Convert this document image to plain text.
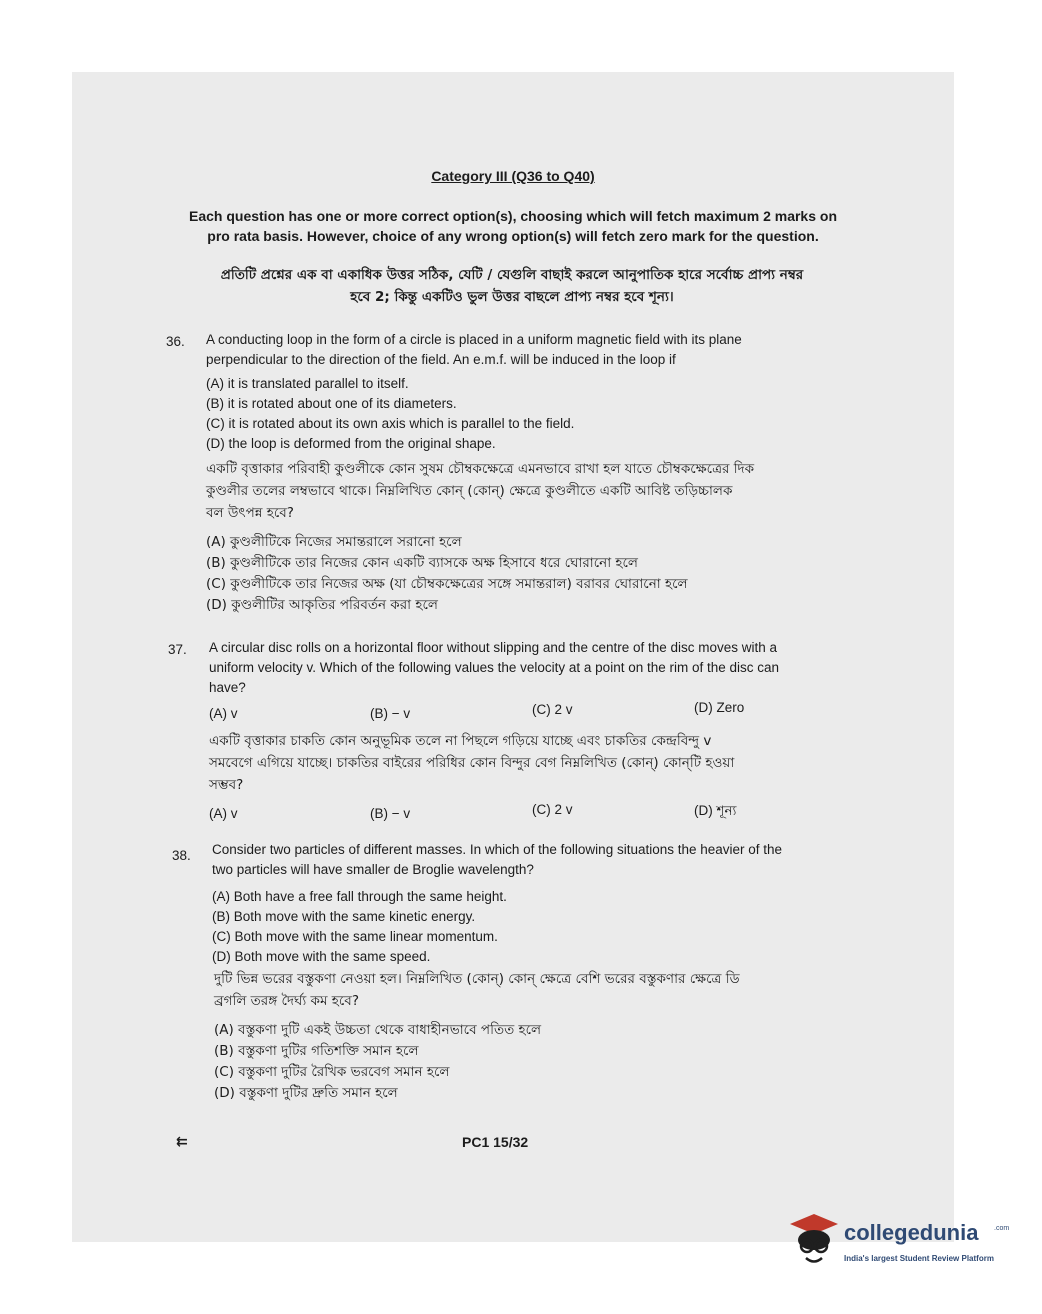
Category III (Q36 to Q40)
Each question has one or more correct option(s), choosing which will fetch maximum 2 marks on
pro rata basis. However, choice of any wrong option(s) will fetch zero mark for the question.
প্রতিটি প্রশ্নের এক বা একাধিক উত্তর সঠিক, যেটি / যেগুলি বাছাই করলে আনুপাতিক হারে সর্বোচ্চ প্রাপ্য নম্বর
হবে 2; কিন্তু একটিও ভুল উত্তর বাছলে প্রাপ্য নম্বর হবে শূন্য।
36. A conducting loop in the form of a circle is placed in a uniform magnetic field with its plane
perpendicular to the direction of the field. An e.m.f. will be induced in the loop if
(A) it is translated parallel to itself.
(B) it is rotated about one of its diameters.
(C) it is rotated about its own axis which is parallel to the field.
(D) the loop is deformed from the original shape.
একটি বৃত্তাকার পরিবাহী কুণ্ডলীকে কোন সুষম চৌম্বকক্ষেত্রে এমনভাবে রাখা হল যাতে চৌম্বকক্ষেত্রের দিক
কুণ্ডলীর তলের লম্বভাবে থাকে। নিম্নলিখিত কোন্ (কোন্) ক্ষেত্রে কুণ্ডলীতে একটি আবিষ্ট তড়িচ্চালক
বল উৎপন্ন হবে?
(A) কুণ্ডলীটিকে নিজের সমান্তরালে সরানো হলে
(B) কুণ্ডলীটিকে তার নিজের কোন একটি ব্যাসকে অক্ষ হিসাবে ধরে ঘোরানো হলে
(C) কুণ্ডলীটিকে তার নিজের অক্ষ (যা চৌম্বকক্ষেত্রের সঙ্গে সমান্তরাল) বরাবর ঘোরানো হলে
(D) কুণ্ডলীটির আকৃতির পরিবর্তন করা হলে
37. A circular disc rolls on a horizontal floor without slipping and the centre of the disc moves with a
uniform velocity v. Which of the following values the velocity at a point on the rim of the disc can
have?
(A) v	(B) − v	(C) 2 v	(D) Zero
একটি বৃত্তাকার চাকতি কোন অনুভূমিক তলে না পিছলে গড়িয়ে যাচ্ছে এবং চাকতির কেন্দ্রবিন্দু v
সমবেগে এগিয়ে যাচ্ছে। চাকতির বাইরের পরিধির কোন বিন্দুর বেগ নিম্নলিখিত (কোন্) কোন্‌টি হওয়া
সম্ভব?
(A) v	(B) − v	(C) 2 v	(D) শূন্য
38. Consider two particles of different masses. In which of the following situations the heavier of the
two particles will have smaller de Broglie wavelength?
(A) Both have a free fall through the same height.
(B) Both move with the same kinetic energy.
(C) Both move with the same linear momentum.
(D) Both move with the same speed.
দুটি ভিন্ন ভরের বস্তুকণা নেওয়া হল। নিম্নলিখিত (কোন্) কোন্ ক্ষেত্রে বেশি ভরের বস্তুকণার ক্ষেত্রে ডি
ব্রগলি তরঙ্গ দৈর্ঘ্য কম হবে?
(A) বস্তুকণা দুটি একই উচ্চতা থেকে বাধাহীনভাবে পতিত হলে
(B) বস্তুকণা দুটির গতিশক্তি সমান হলে
(C) বস্তুকণা দুটির রৈখিক ভরবেগ সমান হলে
(D) বস্তুকণা দুটির দ্রুতি সমান হলে
⇇	PC1 15/32
collegedunia .com
India's largest Student Review Platform
